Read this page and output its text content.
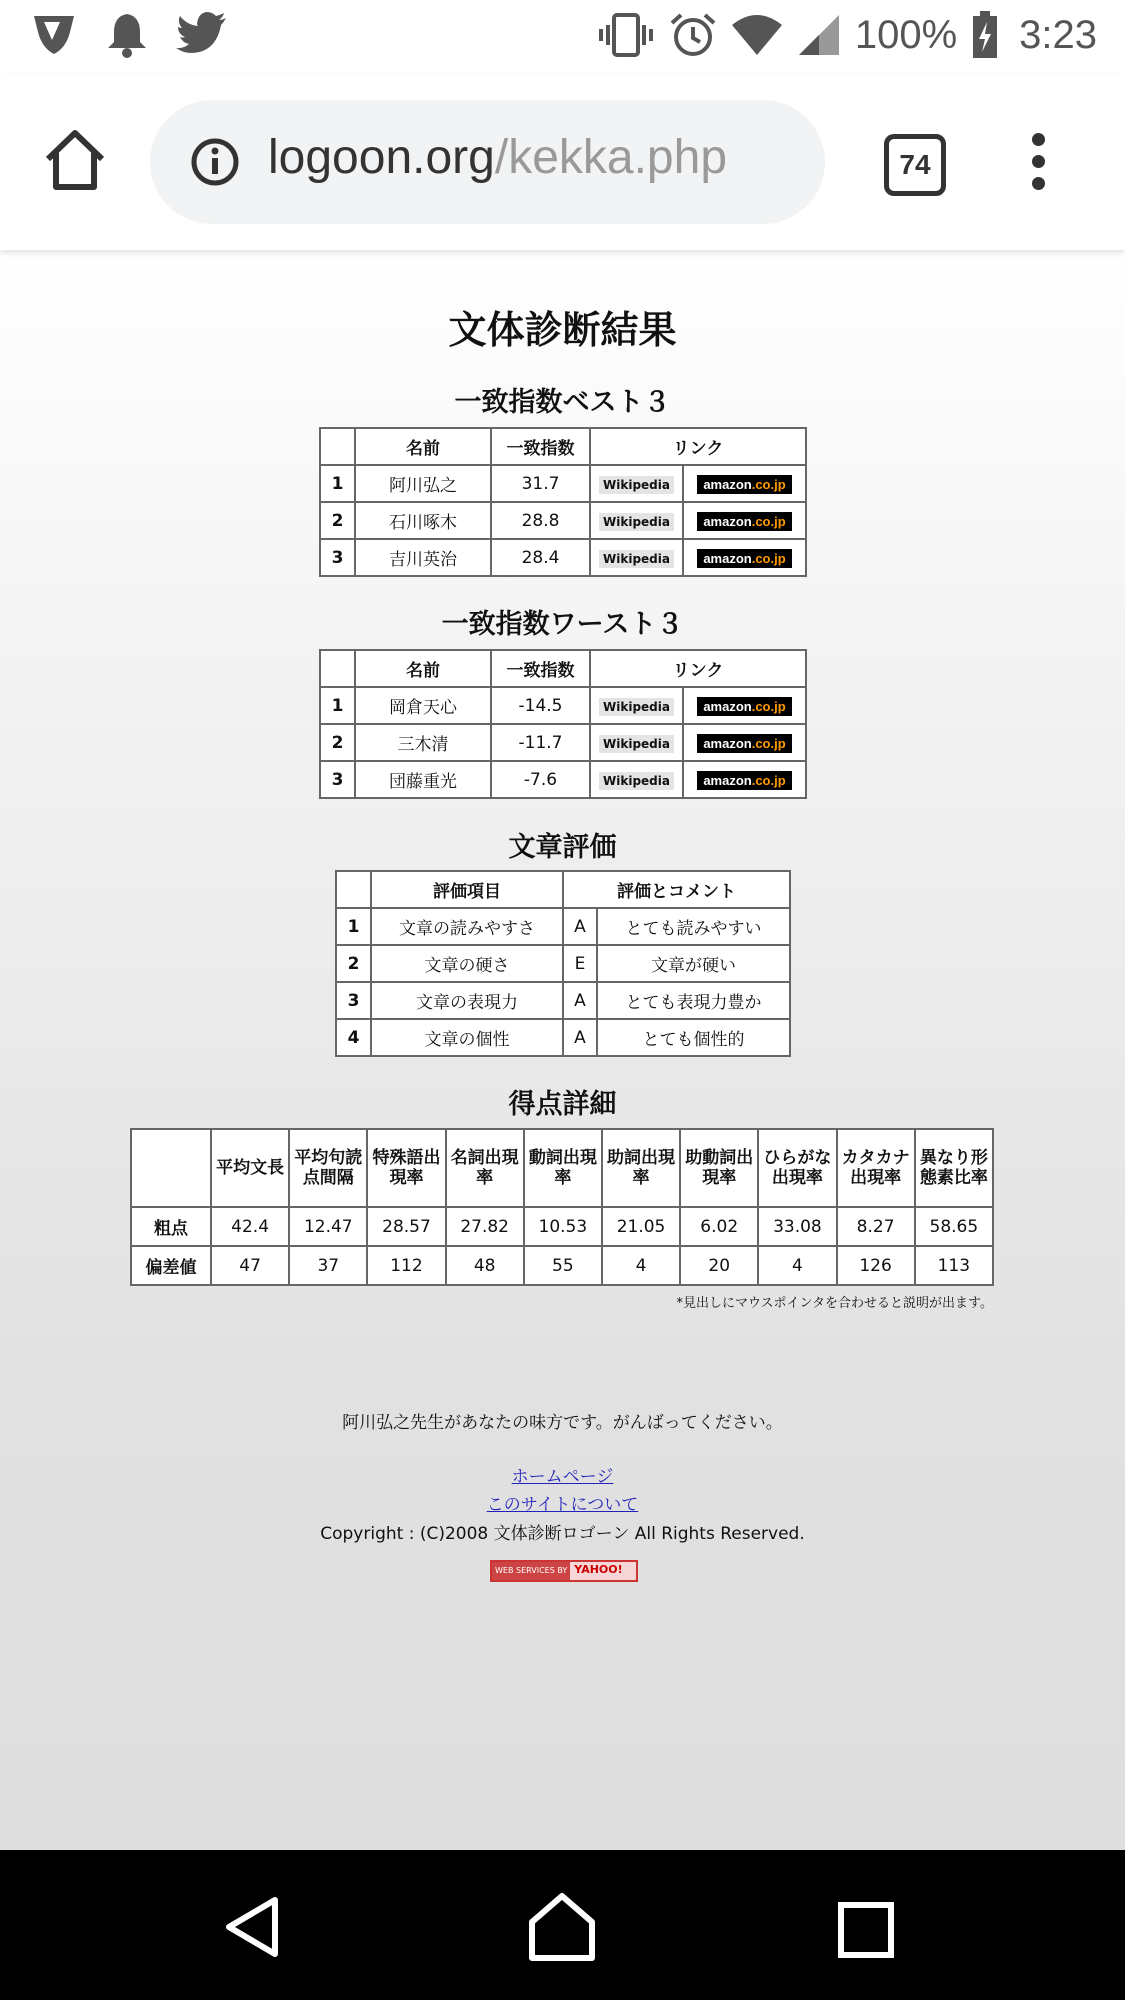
100% 3:23
logoon.org/kekka.php	74
文体診断結果
一致指数ベスト３
	名前	一致指数	リンク	
1	阿川弘之	31.7	Wikipedia	amazon.co.jp
2	石川啄木	28.8	Wikipedia	amazon.co.jp
3	吉川英治	28.4	Wikipedia	amazon.co.jp
一致指数ワースト３
	名前	一致指数	リンク	
1	岡倉天心	-14.5	Wikipedia	amazon.co.jp
2	三木清	-11.7	Wikipedia	amazon.co.jp
3	団藤重光	-7.6	Wikipedia	amazon.co.jp
文章評価
	評価項目	評価とコメント	
1	文章の読みやすさ	A	とても読みやすい
2	文章の硬さ	E	文章が硬い
3	文章の表現力	A	とても表現力豊か
4	文章の個性	A	とても個性的
得点詳細
	平均文長	平均句読点間隔	特殊語出現率	名詞出現率	動詞出現率	助詞出現率	助動詞出現率	ひらがな出現率	カタカナ出現率	異なり形態素比率
粗点	42.4	12.47	28.57	27.82	10.53	21.05	6.02	33.08	8.27	58.65
偏差値	47	37	112	48	55	4	20	4	126	113
*見出しにマウスポインタを合わせると説明が出ます。
阿川弘之先生があなたの味方です。がんばってください。
ホームページ
このサイトについて
Copyright : (C)2008 文体診断ロゴーン All Rights Reserved.
WEB SERVICES BY YAHOO!
